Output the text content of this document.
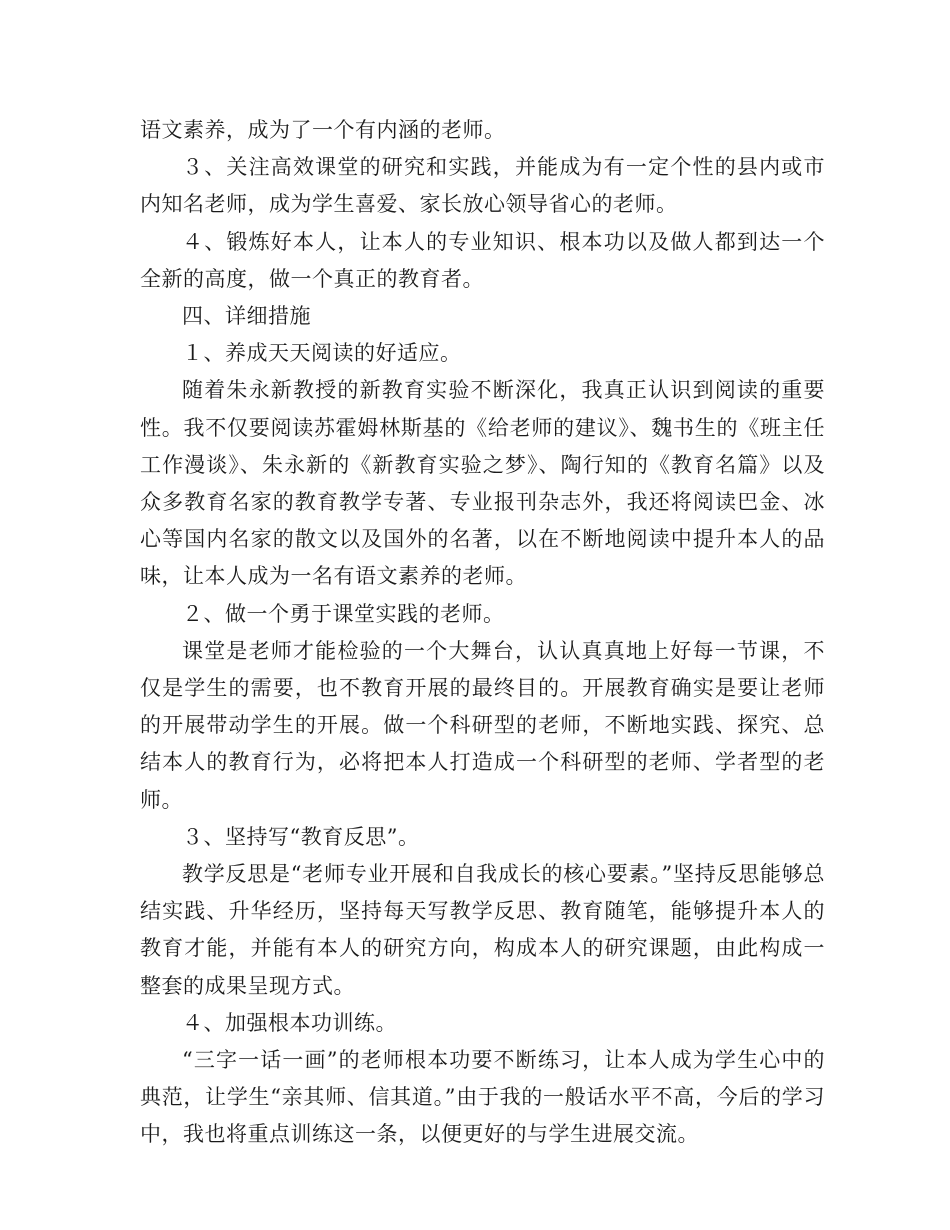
语文素养，成为了一个有内涵的老师。

３、关注高效课堂的研究和实践，并能成为有一定个性的县内或市内知名老师，成为学生喜爱、家长放心领导省心的老师。

４、锻炼好本人，让本人的专业知识、根本功以及做人都到达一个全新的高度，做一个真正的教育者。

四、详细措施

１、养成天天阅读的好适应。

随着朱永新教授的新教育实验不断深化，我真正认识到阅读的重要性。我不仅要阅读苏霍姆林斯基的《给老师的建议》、魏书生的《班主任工作漫谈》、朱永新的《新教育实验之梦》、陶行知的《教育名篇》以及众多教育名家的教育教学专著、专业报刊杂志外，我还将阅读巴金、冰心等国内名家的散文以及国外的名著，以在不断地阅读中提升本人的品味，让本人成为一名有语文素养的老师。

２、做一个勇于课堂实践的老师。

课堂是老师才能检验的一个大舞台，认认真真地上好每一节课，不仅是学生的需要，也不教育开展的最终目的。开展教育确实是要让老师的开展带动学生的开展。做一个科研型的老师，不断地实践、探究、总结本人的教育行为，必将把本人打造成一个科研型的老师、学者型的老师。

３、坚持写“教育反思”。

教学反思是“老师专业开展和自我成长的核心要素。”坚持反思能够总结实践、升华经历，坚持每天写教学反思、教育随笔，能够提升本人的教育才能，并能有本人的研究方向，构成本人的研究课题，由此构成一整套的成果呈现方式。

４、加强根本功训练。

“三字一话一画”的老师根本功要不断练习，让本人成为学生心中的典范，让学生“亲其师、信其道。”由于我的一般话水平不高，今后的学习中，我也将重点训练这一条，以便更好的与学生进展交流。
